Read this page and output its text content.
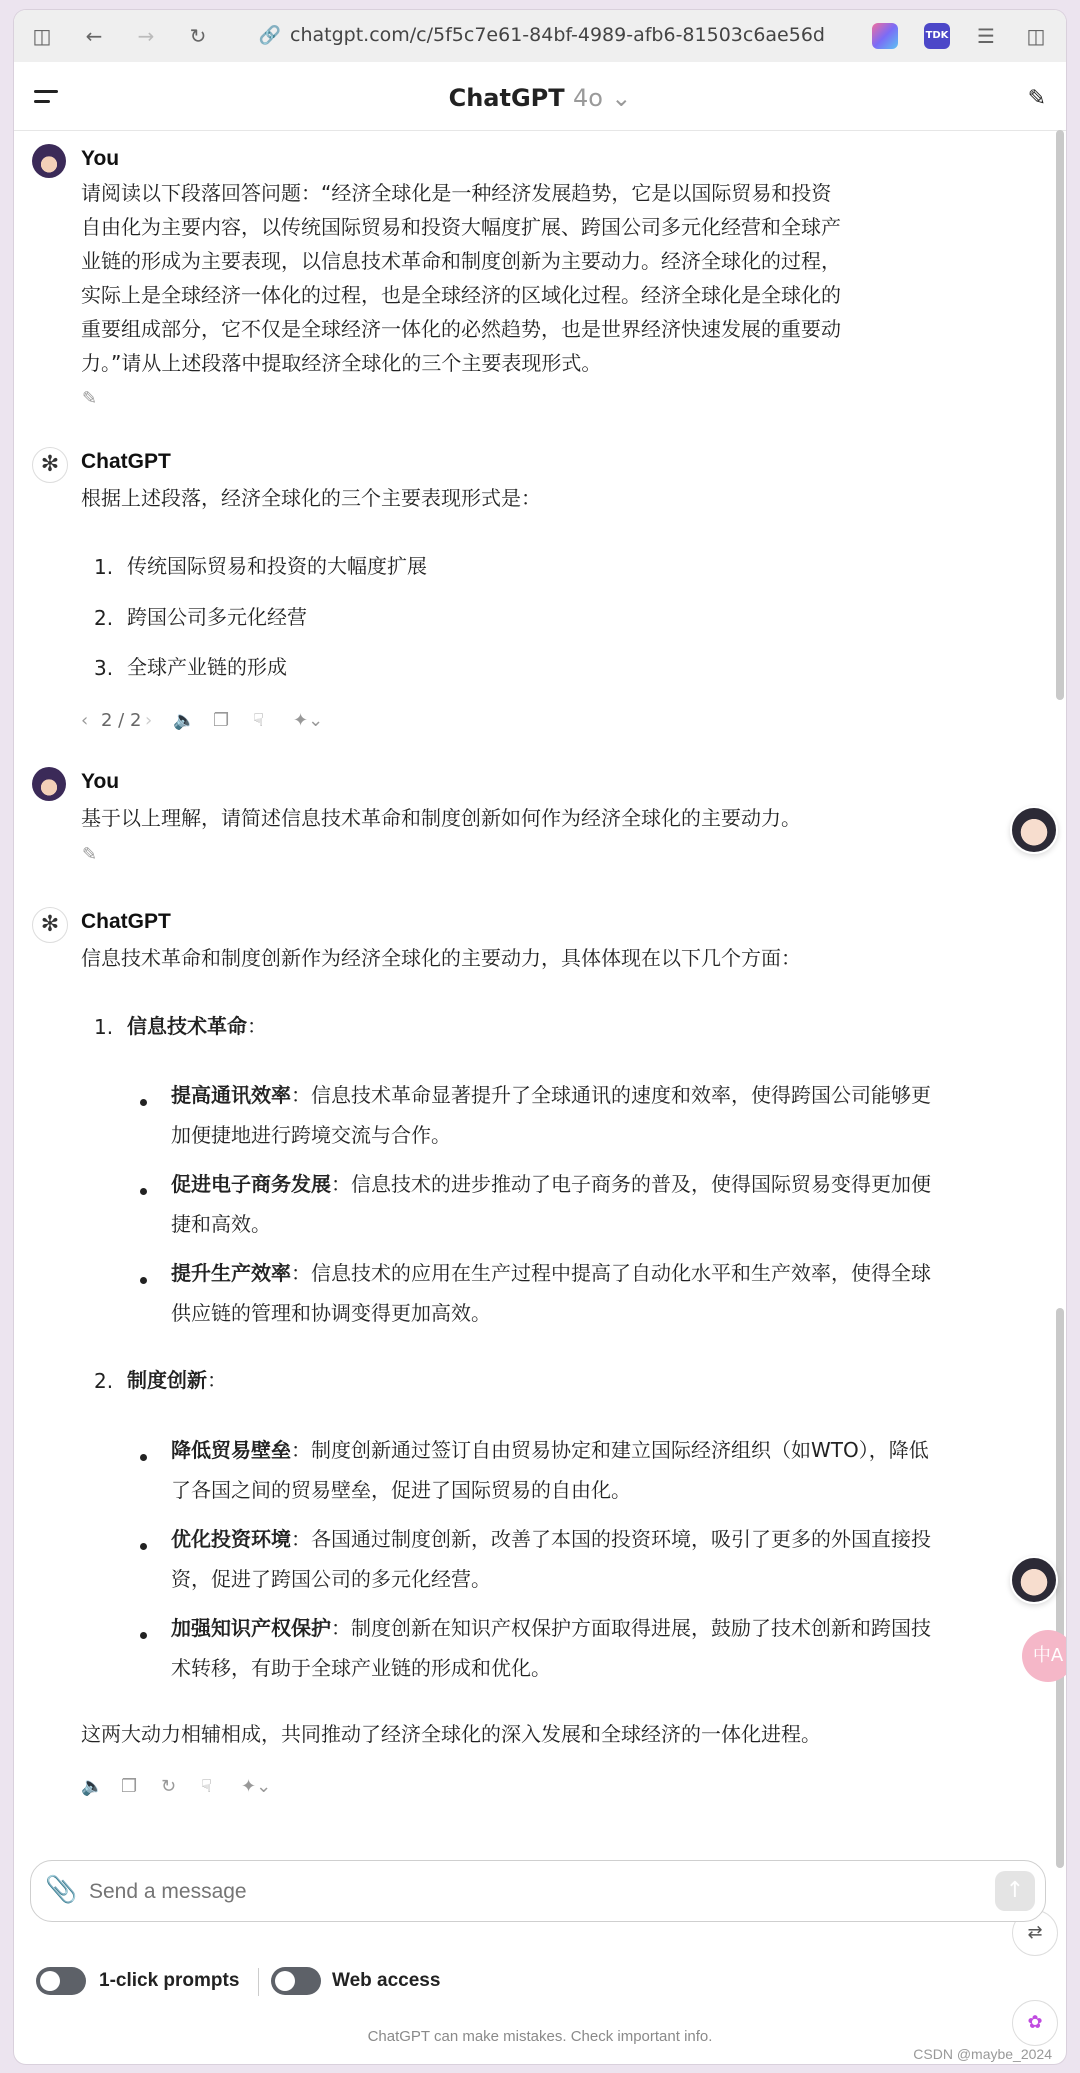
◫ ← → ↻	🔗 chatgpt.com/c/5f5c7e61-84bf-4989-afb6-81503c6ae56d	TDK ☰ ◫
ChatGPT 4o ⌄	✎
You
请阅读以下段落回答问题：“经济全球化是一种经济发展趋势，它是以国际贸易和投资
自由化为主要内容，以传统国际贸易和投资大幅度扩展、跨国公司多元化经营和全球产
业链的形成为主要表现，以信息技术革命和制度创新为主要动力。经济全球化的过程，
实际上是全球经济一体化的过程，也是全球经济的区域化过程。经济全球化是全球化的
重要组成部分，它不仅是全球经济一体化的必然趋势，也是世界经济快速发展的重要动
力。”请从上述段落中提取经济全球化的三个主要表现形式。
✎
✻	ChatGPT
根据上述段落，经济全球化的三个主要表现形式是：
1. 传统国际贸易和投资的大幅度扩展
2. 跨国公司多元化经营
3. 全球产业链的形成
‹ 2 / 2 › 🔈 ❐ ☟ ✦⌄
You
基于以上理解，请简述信息技术革命和制度创新如何作为经济全球化的主要动力。
✎
✻	ChatGPT
信息技术革命和制度创新作为经济全球化的主要动力，具体体现在以下几个方面：
1. 信息技术革命：
提高通讯效率：信息技术革命显著提升了全球通讯的速度和效率，使得跨国公司能够更
加便捷地进行跨境交流与合作。
促进电子商务发展：信息技术的进步推动了电子商务的普及，使得国际贸易变得更加便
捷和高效。
提升生产效率：信息技术的应用在生产过程中提高了自动化水平和生产效率，使得全球
供应链的管理和协调变得更加高效。
2. 制度创新：
降低贸易壁垒：制度创新通过签订自由贸易协定和建立国际经济组织（如WTO），降低
了各国之间的贸易壁垒，促进了国际贸易的自由化。
优化投资环境：各国通过制度创新，改善了本国的投资环境，吸引了更多的外国直接投
资，促进了跨国公司的多元化经营。
加强知识产权保护：制度创新在知识产权保护方面取得进展，鼓励了技术创新和跨国技
术转移，有助于全球产业链的形成和优化。
这两大动力相辅相成，共同推动了经济全球化的深入发展和全球经济的一体化进程。
🔈 ❐ ↻ ☟ ✦⌄
中A
⇄
✿
📎
Send a message	↑
1-click prompts	Web access
ChatGPT can make mistakes. Check important info.
CSDN @maybe_2024
